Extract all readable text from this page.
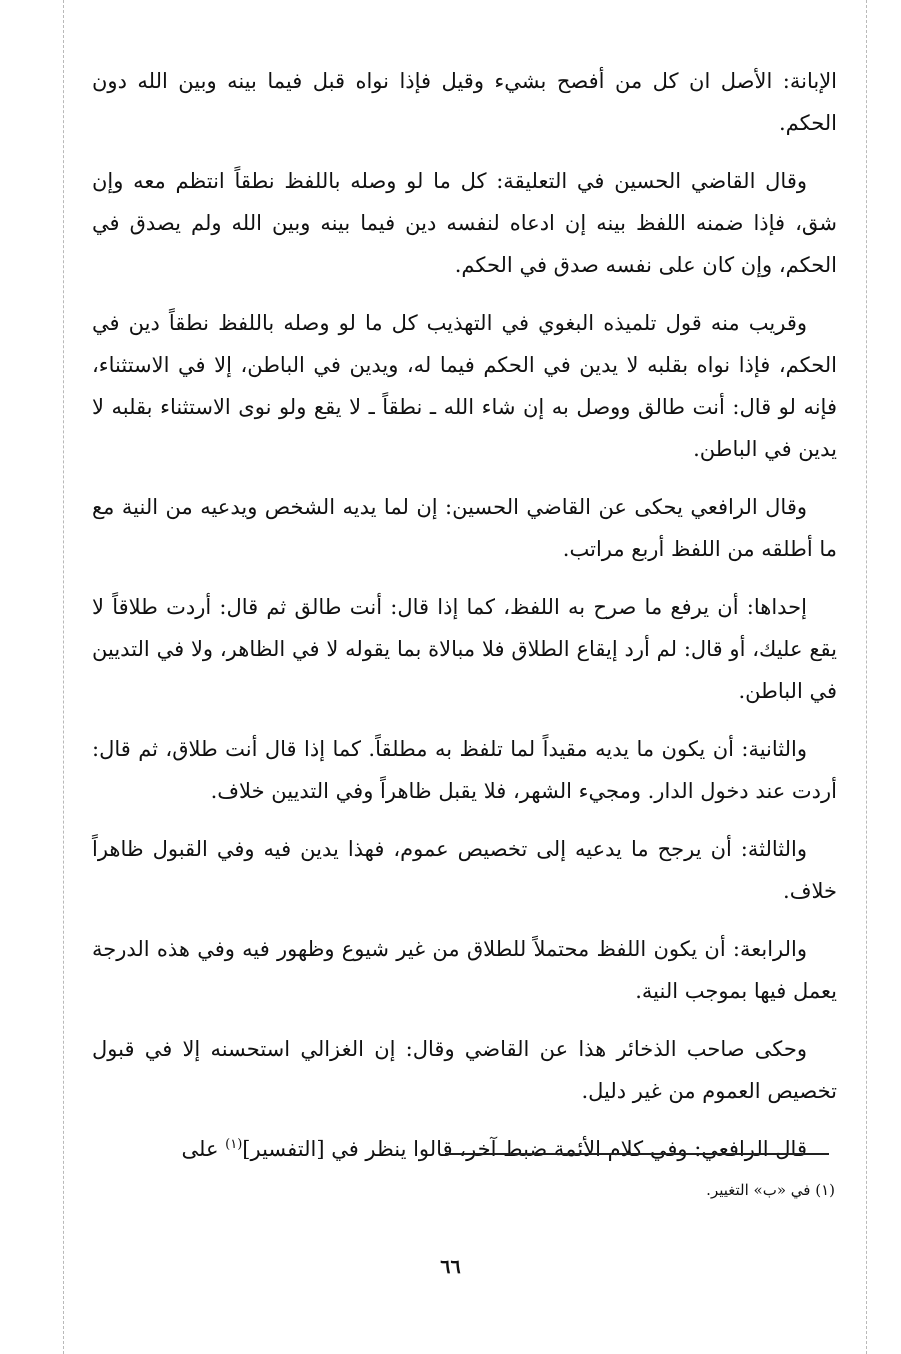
الإبانة: الأصل ان كل من أفصح بشيء وقيل فإذا نواه قبل فيما بينه وبين الله دون الحكم.

وقال القاضي الحسين في التعليقة: كل ما لو وصله باللفظ نطقاً انتظم معه وإن شق، فإذا ضمنه اللفظ بينه إن ادعاه لنفسه دين فيما بينه وبين الله ولم يصدق في الحكم، وإن كان على نفسه صدق في الحكم.

وقريب منه قول تلميذه البغوي في التهذيب كل ما لو وصله باللفظ نطقاً دين في الحكم، فإذا نواه بقلبه لا يدين في الحكم فيما له، ويدين في الباطن، إلا في الاستثناء، فإنه لو قال: أنت طالق ووصل به إن شاء الله ـ نطقاً ـ لا يقع ولو نوى الاستثناء بقلبه لا يدين في الباطن.

وقال الرافعي يحكى عن القاضي الحسين: إن لما يديه الشخص ويدعيه من النية مع ما أطلقه من اللفظ أربع مراتب.

إحداها: أن يرفع ما صرح به اللفظ، كما إذا قال: أنت طالق ثم قال: أردت طلاقاً لا يقع عليك، أو قال: لم أرد إيقاع الطلاق فلا مبالاة بما يقوله لا في الظاهر، ولا في التديين في الباطن.

والثانية: أن يكون ما يديه مقيداً لما تلفظ به مطلقاً. كما إذا قال أنت طلاق، ثم قال: أردت عند دخول الدار. ومجيء الشهر، فلا يقبل ظاهراً وفي التديين خلاف.

والثالثة: أن يرجح ما يدعيه إلى تخصيص عموم، فهذا يدين فيه وفي القبول ظاهراً خلاف.

والرابعة: أن يكون اللفظ محتملاً للطلاق من غير شيوع وظهور فيه وفي هذه الدرجة يعمل فيها بموجب النية.

وحكى صاحب الذخائر هذا عن القاضي وقال: إن الغزالي استحسنه إلا في قبول تخصيص العموم من غير دليل.

قال الرافعي: وفي كلام الأئمة ضبط آخر، قالوا ينظر في [التفسير]$^{(١)}$ على

(١) في «ب» التغيير.
٦٦
